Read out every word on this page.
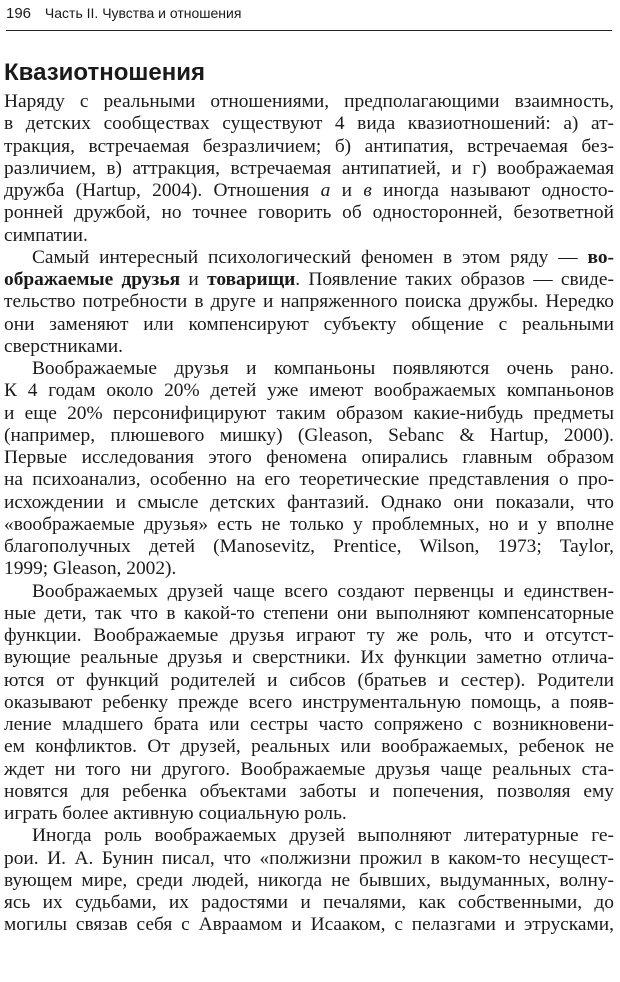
196 Часть II. Чувства и отношения
Квазиотношения
Наряду с реальными отношениями, предполагающими взаимность,
в детских сообществах существуют 4 вида квазиотношений: а) ат-
тракция, встречаемая безразличием; б) антипатия, встречаемая без-
различием, в) аттракция, встречаемая антипатией, и г) воображаемая
дружба (Hartup, 2004). Отношения а и в иногда называют односто-
ронней дружбой, но точнее говорить об односторонней, безответной
симпатии.
Самый интересный психологический феномен в этом ряду — во-
ображаемые друзья и товарищи. Появление таких образов — свиде-
тельство потребности в друге и напряженного поиска дружбы. Нередко
они заменяют или компенсируют субъекту общение с реальными
сверстниками.
Воображаемые друзья и компаньоны появляются очень рано.
К 4 годам около 20% детей уже имеют воображаемых компаньонов
и еще 20% персонифицируют таким образом какие-нибудь предметы
(например, плюшевого мишку) (Gleason, Sebanc & Hartup, 2000).
Первые исследования этого феномена опирались главным образом
на психоанализ, особенно на его теоретические представления о про-
исхождении и смысле детских фантазий. Однако они показали, что
«воображаемые друзья» есть не только у проблемных, но и у вполне
благополучных детей (Manosevitz, Prentice, Wilson, 1973; Taylor,
1999; Gleason, 2002).
Воображаемых друзей чаще всего создают первенцы и единствен-
ные дети, так что в какой-то степени они выполняют компенсаторные
функции. Воображаемые друзья играют ту же роль, что и отсутст-
вующие реальные друзья и сверстники. Их функции заметно отлича-
ются от функций родителей и сибсов (братьев и сестер). Родители
оказывают ребенку прежде всего инструментальную помощь, а появ-
ление младшего брата или сестры часто сопряжено с возникновени-
ем конфликтов. От друзей, реальных или воображаемых, ребенок не
ждет ни того ни другого. Воображаемые друзья чаще реальных ста-
новятся для ребенка объектами заботы и попечения, позволяя ему
играть более активную социальную роль.
Иногда роль воображаемых друзей выполняют литературные ге-
рои. И. А. Бунин писал, что «полжизни прожил в каком-то несущест-
вующем мире, среди людей, никогда не бывших, выдуманных, волну-
ясь их судьбами, их радостями и печалями, как собственными, до
могилы связав себя с Авраамом и Исааком, с пелазгами и этрусками,
